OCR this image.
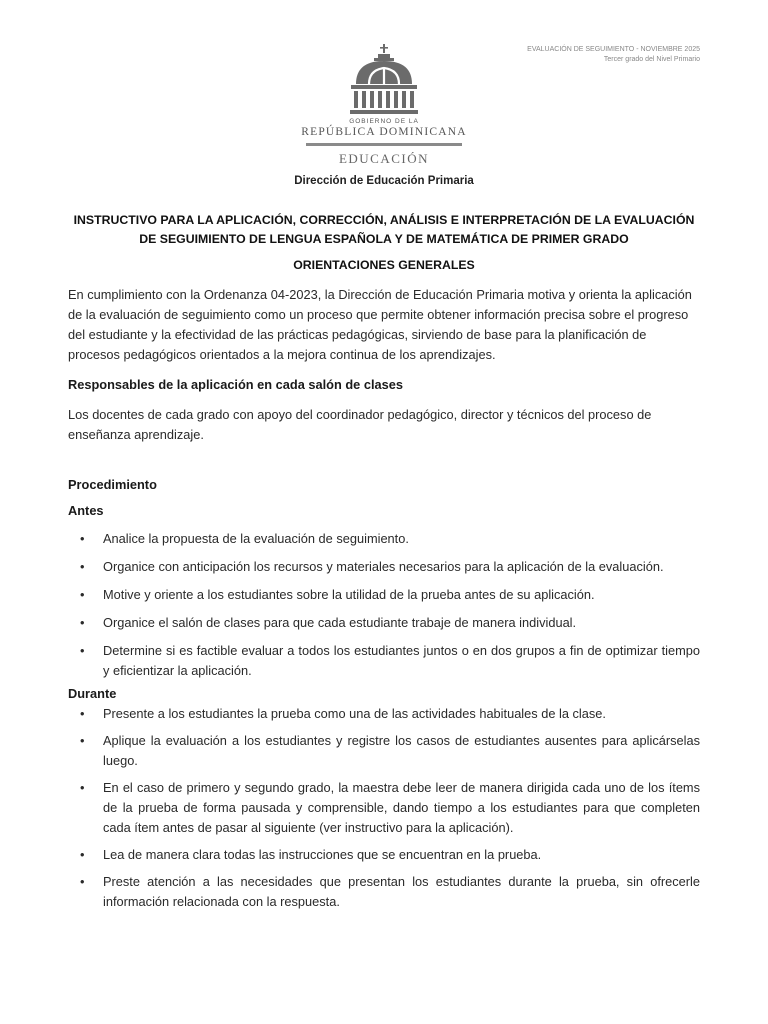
EVALUACIÓN DE SEGUIMIENTO - NOVIEMBRE 2025
Tercer grado del Nivel Primario
GOBIERNO DE LA
REPÚBLICA DOMINICANA
EDUCACIÓN
Dirección de Educación Primaria
INSTRUCTIVO PARA LA APLICACIÓN, CORRECCIÓN, ANÁLISIS E INTERPRETACIÓN DE LA EVALUACIÓN DE SEGUIMIENTO DE LENGUA ESPAÑOLA Y DE MATEMÁTICA DE PRIMER GRADO
ORIENTACIONES GENERALES

En cumplimiento con la Ordenanza 04-2023, la Dirección de Educación Primaria motiva y orienta la aplicación de la evaluación de seguimiento como un proceso que permite obtener información precisa sobre el progreso del estudiante y la efectividad de las prácticas pedagógicas, sirviendo de base para la planificación de procesos pedagógicos orientados a la mejora continua de los aprendizajes.

Responsables de la aplicación en cada salón de clases

Los docentes de cada grado con apoyo del coordinador pedagógico, director y técnicos del proceso de enseñanza aprendizaje.

Procedimiento

Antes

• Analice la propuesta de la evaluación de seguimiento.
• Organice con anticipación los recursos y materiales necesarios para la aplicación de la evaluación.
• Motive y oriente a los estudiantes sobre la utilidad de la prueba antes de su aplicación.
• Organice el salón de clases para que cada estudiante trabaje de manera individual.
• Determine si es factible evaluar a todos los estudiantes juntos o en dos grupos a fin de optimizar tiempo y eficientizar la aplicación.

Durante

• Presente a los estudiantes la prueba como una de las actividades habituales de la clase.
• Aplique la evaluación a los estudiantes y registre los casos de estudiantes ausentes para aplicárselas luego.
• En el caso de primero y segundo grado, la maestra debe leer de manera dirigida cada uno de los ítems de la prueba de forma pausada y comprensible, dando tiempo a los estudiantes para que completen cada ítem antes de pasar al siguiente (ver instructivo para la aplicación).
• Lea de manera clara todas las instrucciones que se encuentran en la prueba.
• Preste atención a las necesidades que presentan los estudiantes durante la prueba, sin ofrecerle información relacionada con la respuesta.
